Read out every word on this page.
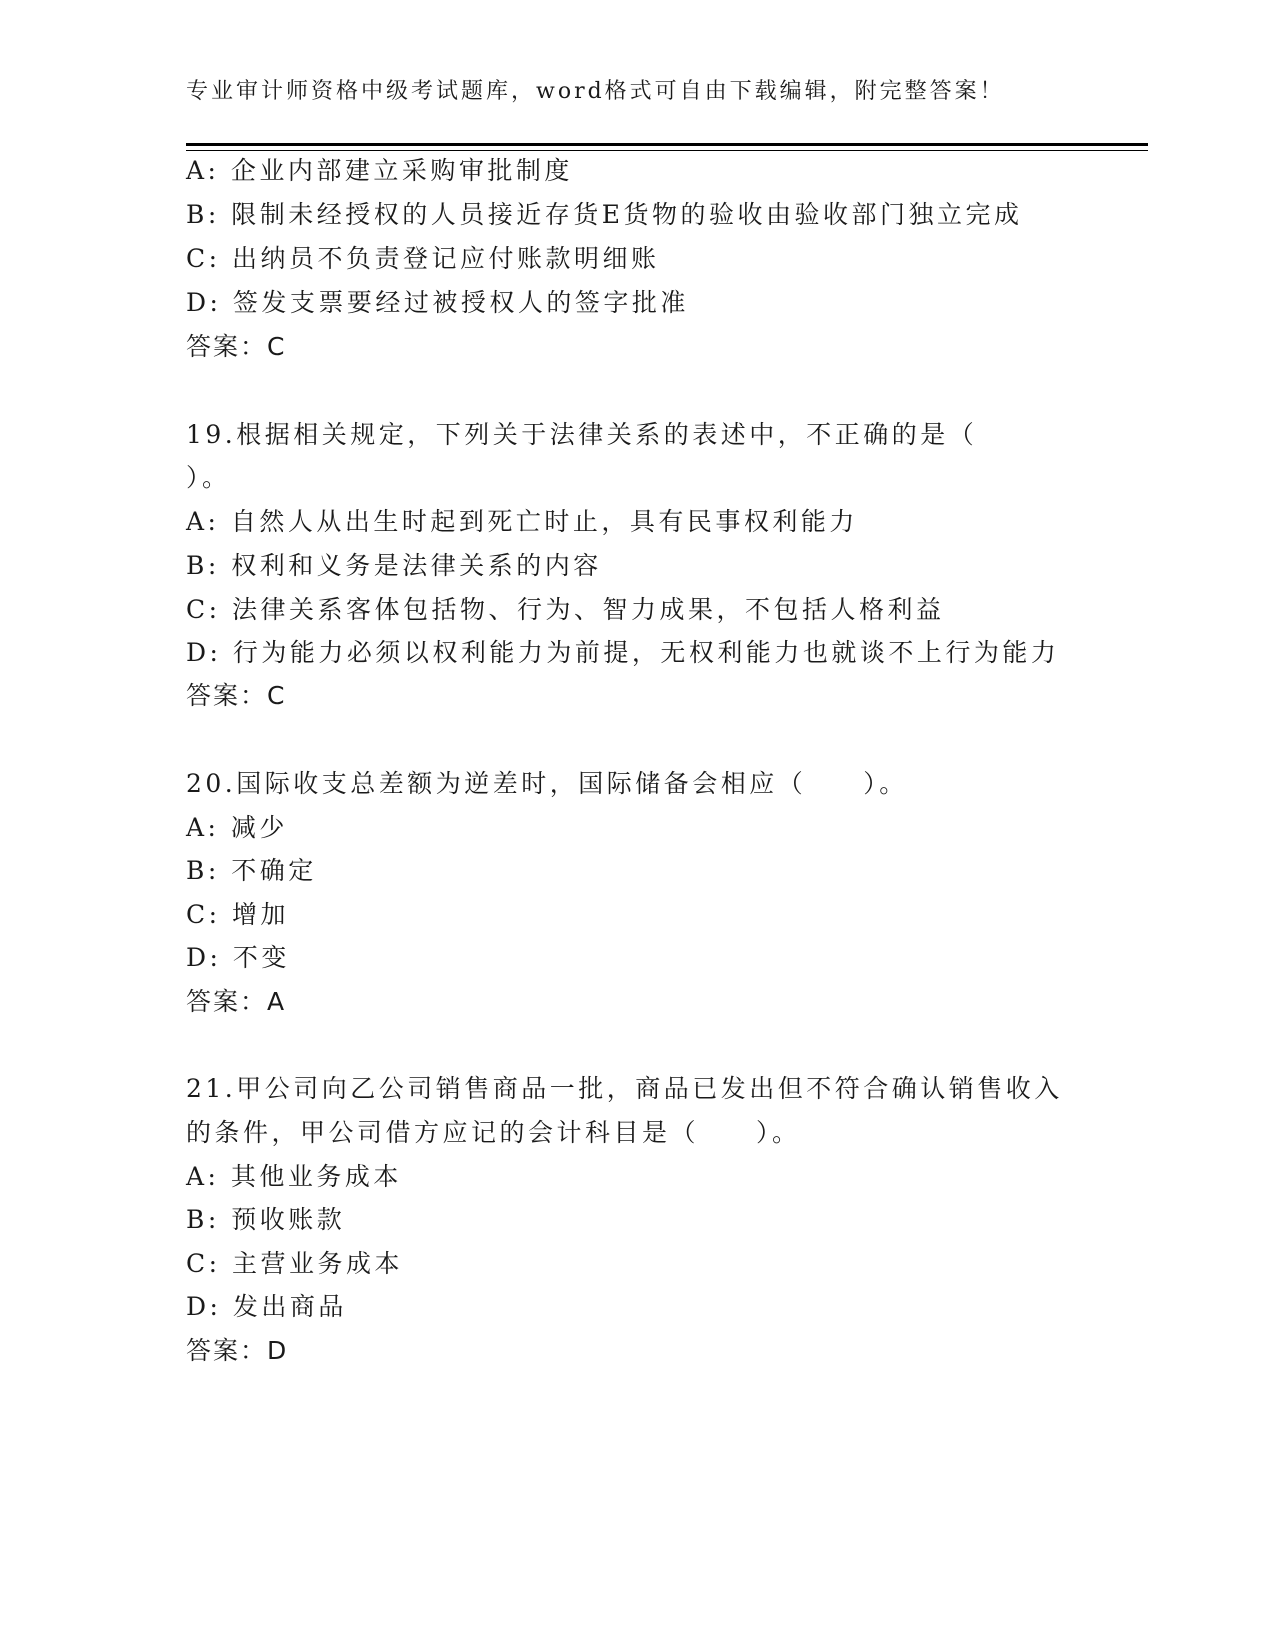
专业审计师资格中级考试题库，word格式可自由下载编辑，附完整答案！
A: 企业内部建立采购审批制度
B: 限制未经授权的人员接近存货E货物的验收由验收部门独立完成
C: 出纳员不负责登记应付账款明细账
D: 签发支票要经过被授权人的签字批准
答案：C
19.根据相关规定，下列关于法律关系的表述中，不正确的是（
）。
A: 自然人从出生时起到死亡时止，具有民事权利能力
B: 权利和义务是法律关系的内容
C: 法律关系客体包括物、行为、智力成果，不包括人格利益
D: 行为能力必须以权利能力为前提，无权利能力也就谈不上行为能力
答案：C
20.国际收支总差额为逆差时，国际储备会相应（　　）。
A: 减少
B: 不确定
C: 增加
D: 不变
答案：A
21.甲公司向乙公司销售商品一批，商品已发出但不符合确认销售收入
的条件，甲公司借方应记的会计科目是（　　）。
A: 其他业务成本
B: 预收账款
C: 主营业务成本
D: 发出商品
答案：D
